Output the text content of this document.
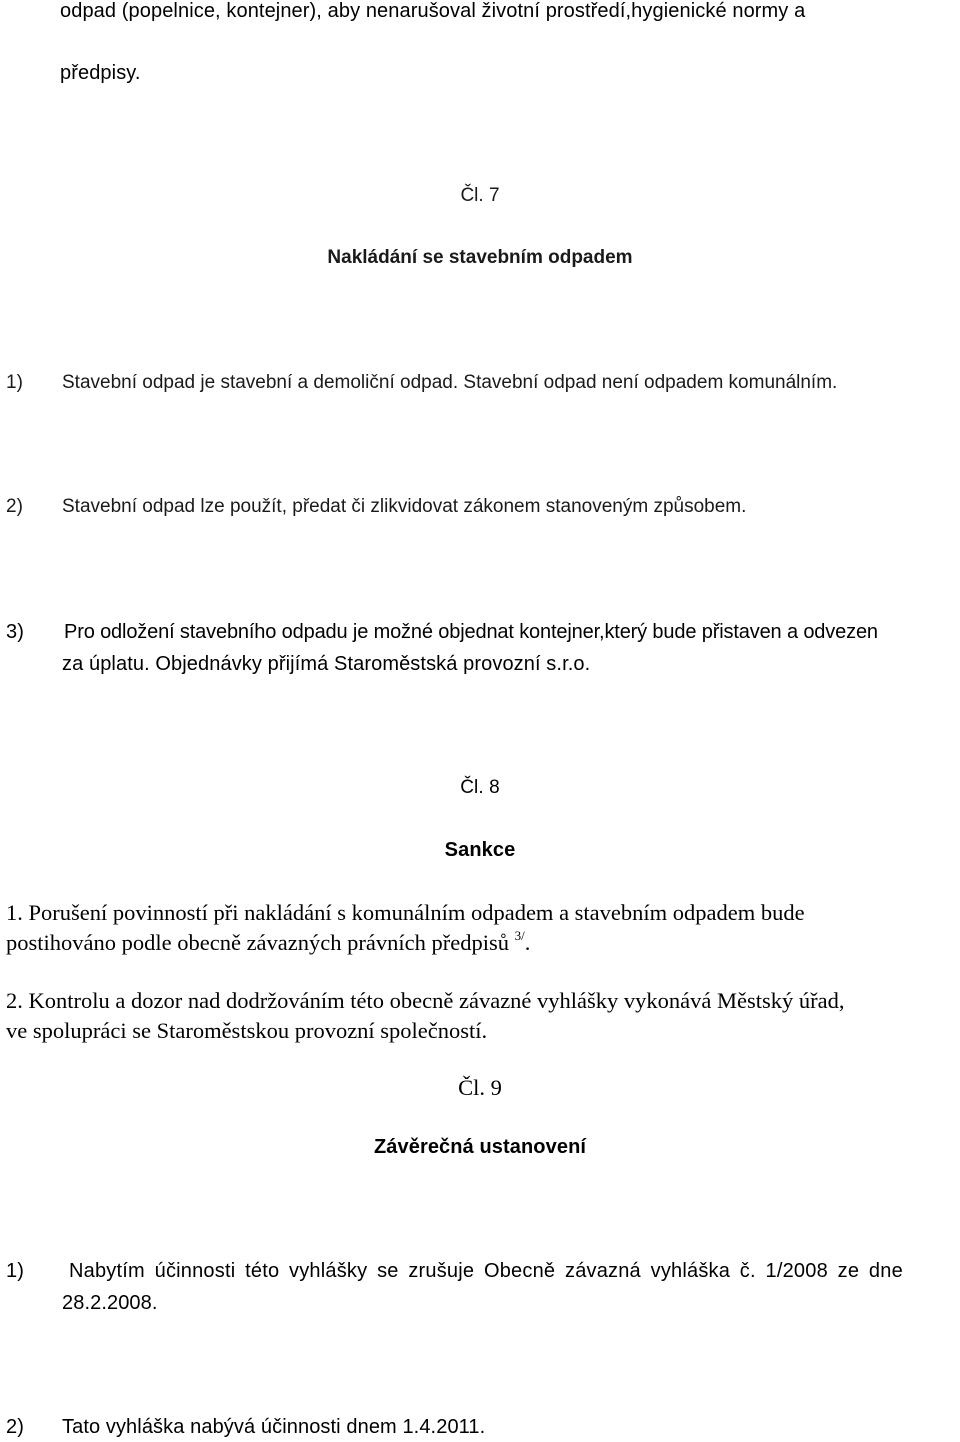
odpad (popelnice, kontejner), aby nenarušoval životní prostředí,hygienické normy a
předpisy.
Čl. 7
Nakládání se stavebním odpadem
1) Stavební odpad je stavební a demoliční odpad. Stavební odpad není odpadem komunálním.
2) Stavební odpad lze použít, předat či zlikvidovat zákonem stanoveným způsobem.
3) Pro odložení stavebního odpadu je možné objednat kontejner,který bude přistaven a odvezen
za úplatu. Objednávky přijímá Staroměstská provozní s.r.o.
Čl. 8
Sankce
1. Porušení povinností při nakládání s komunálním odpadem a stavebním odpadem bude
postihováno podle obecně závazných právních předpisů $^{3/}$.
2. Kontrolu a dozor nad dodržováním této obecně závazné vyhlášky vykonává Městský úřad,
ve spolupráci se Staroměstskou provozní společností.
Čl. 9
Závěrečná ustanovení
1) Nabytím účinnosti této vyhlášky se zrušuje Obecně závazná vyhláška č. 1/2008 ze dne
28.2.2008.
2) Tato vyhláška nabývá účinnosti dnem 1.4.2011.
